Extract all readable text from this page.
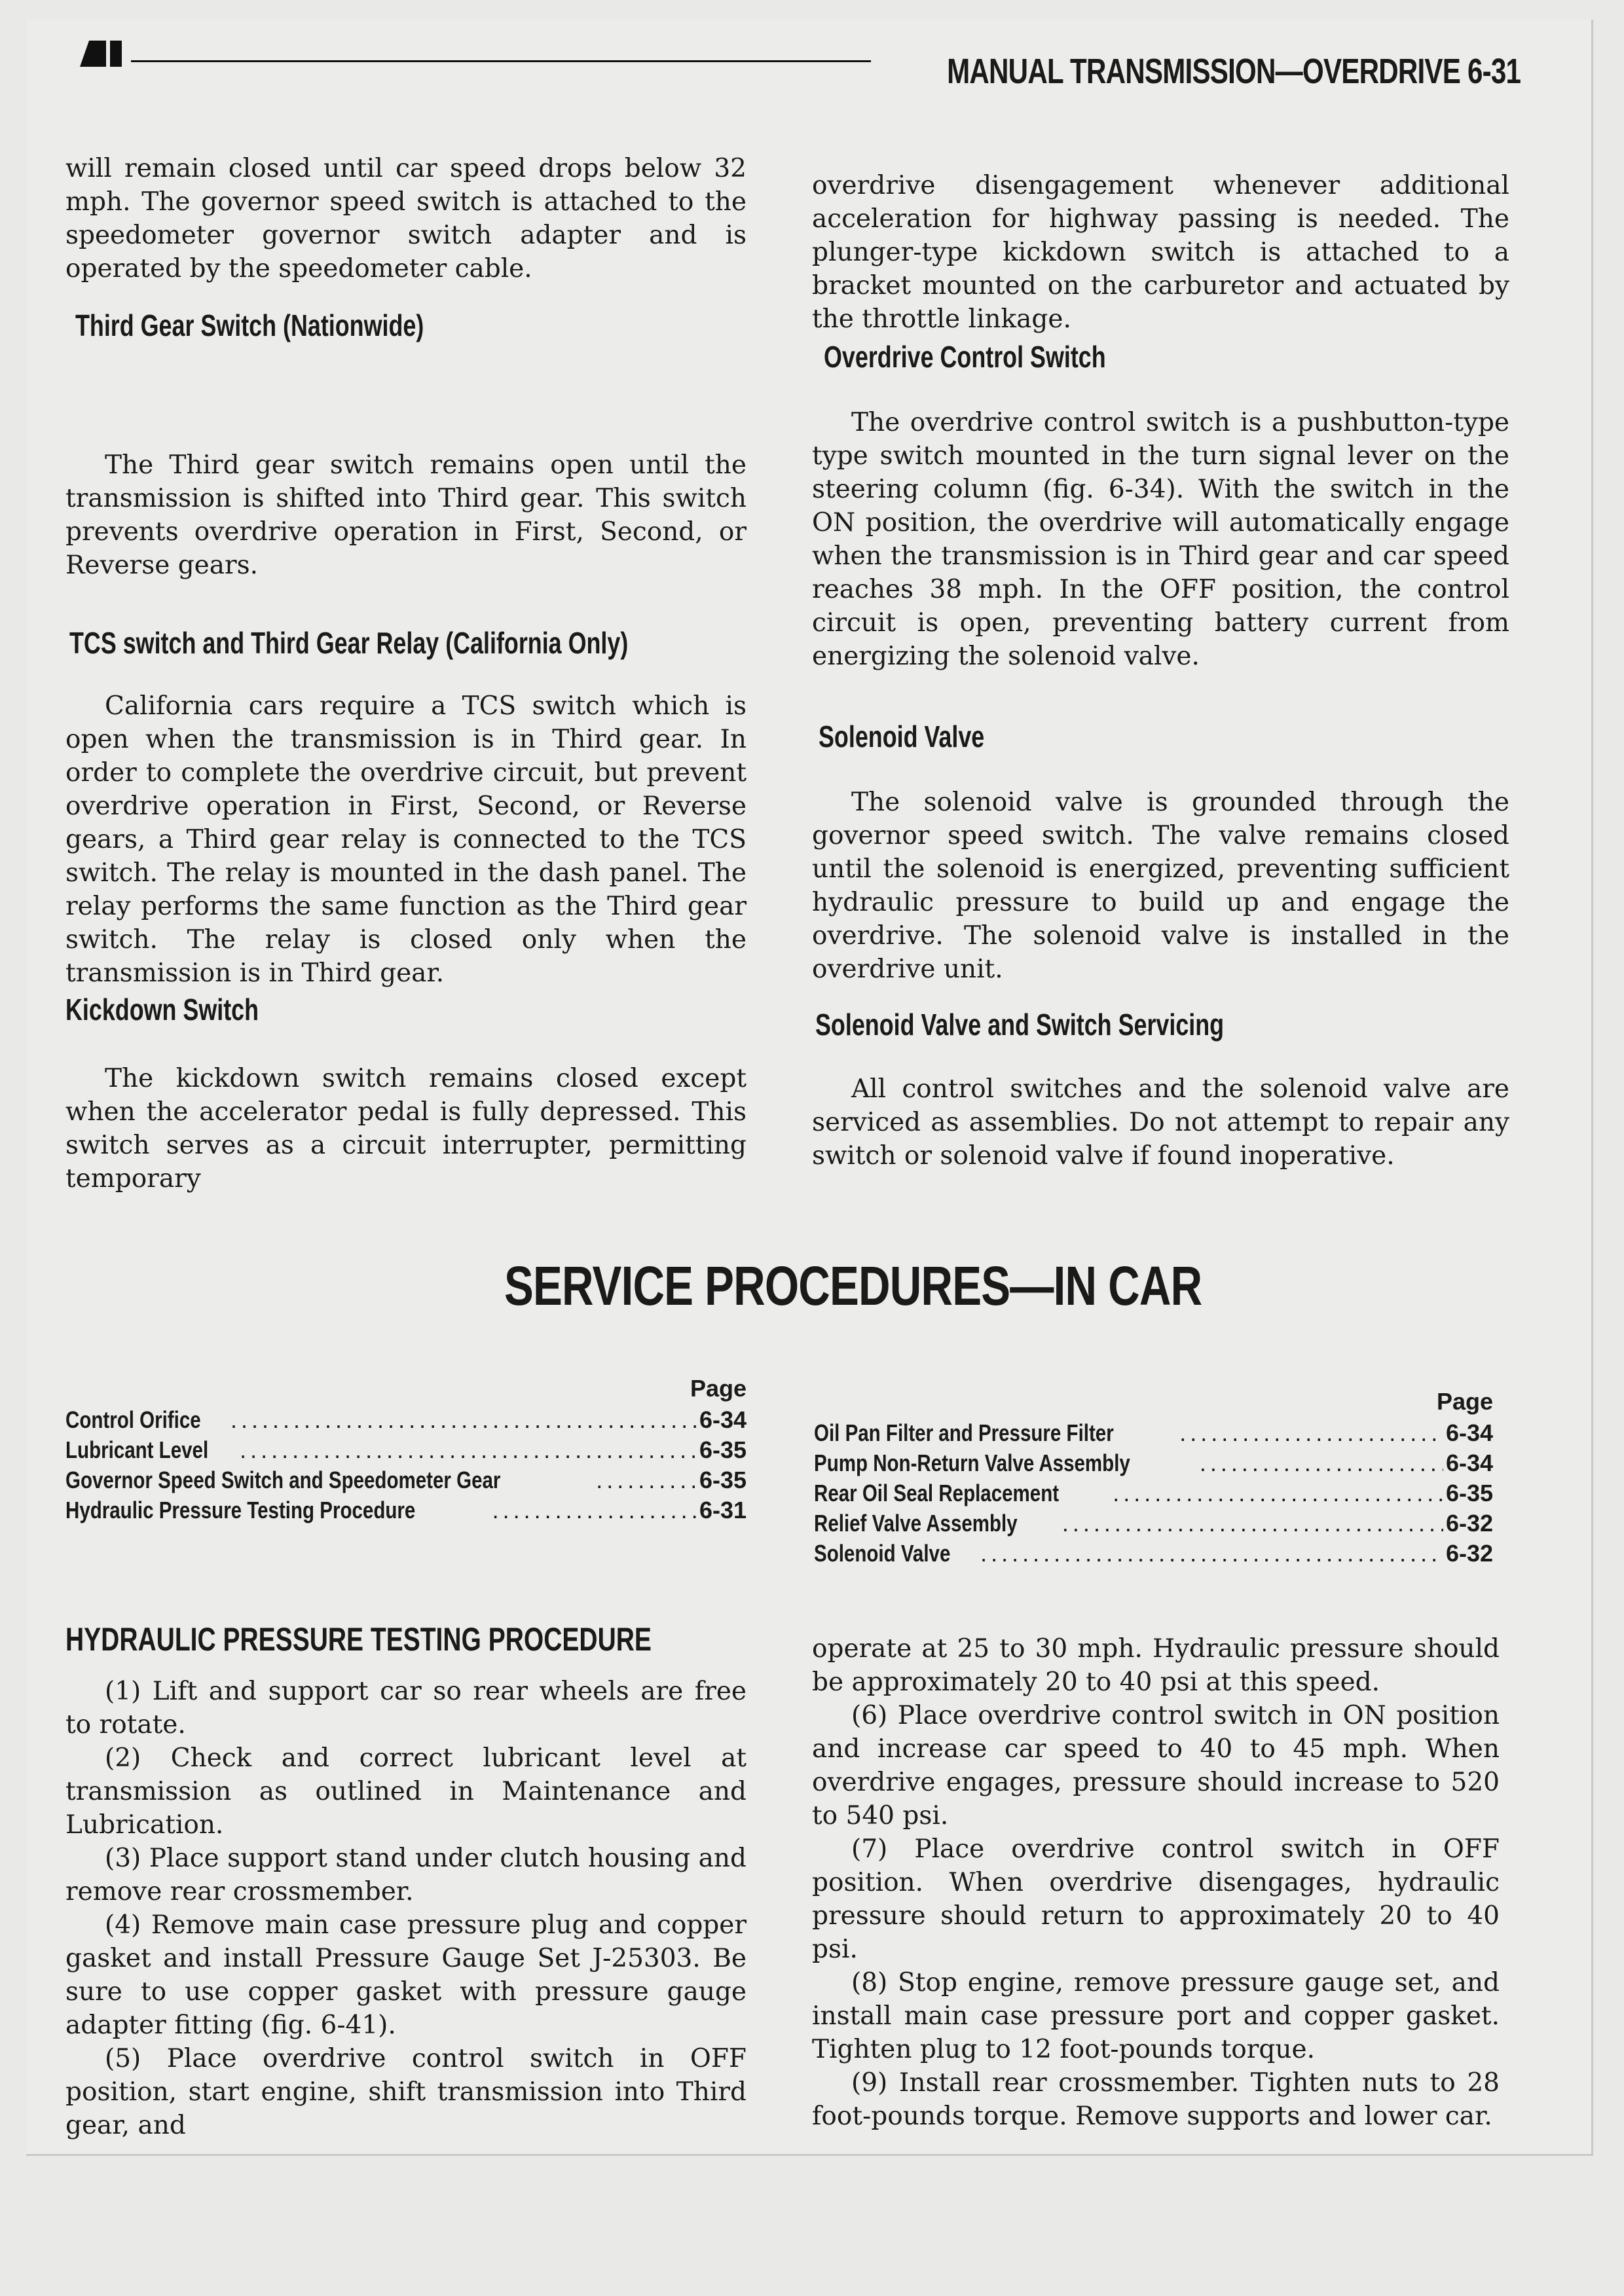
MANUAL TRANSMISSION—OVERDRIVE 6-31

will remain closed until car speed drops below 32 mph. The governor speed switch is attached to the speedometer governor switch adapter and is operated by the speedometer cable.

Third Gear Switch (Nationwide)

The Third gear switch remains open until the transmission is shifted into Third gear. This switch prevents overdrive operation in First, Second, or Reverse gears.

TCS switch and Third Gear Relay (California Only)

California cars require a TCS switch which is open when the transmission is in Third gear. In order to complete the overdrive circuit, but prevent overdrive operation in First, Second, or Reverse gears, a Third gear relay is connected to the TCS switch. The relay is mounted in the dash panel. The relay performs the same function as the Third gear switch. The relay is closed only when the transmission is in Third gear.

Kickdown Switch

The kickdown switch remains closed except when the accelerator pedal is fully depressed. This switch serves as a circuit interrupter, permitting temporary

overdrive disengagement whenever additional acceleration for highway passing is needed. The plunger-type kickdown switch is attached to a bracket mounted on the carburetor and actuated by the throttle linkage.

Overdrive Control Switch

The overdrive control switch is a pushbutton-type type switch mounted in the turn signal lever on the steering column (fig. 6-34). With the switch in the ON position, the overdrive will automatically engage when the transmission is in Third gear and car speed reaches 38 mph. In the OFF position, the control circuit is open, preventing battery current from energizing the solenoid valve.

Solenoid Valve

The solenoid valve is grounded through the governor speed switch. The valve remains closed until the solenoid is energized, preventing sufficient hydraulic pressure to build up and engage the overdrive. The solenoid valve is installed in the overdrive unit.

Solenoid Valve and Switch Servicing

All control switches and the solenoid valve are serviced as assemblies. Do not attempt to repair any switch or solenoid valve if found inoperative.

SERVICE PROCEDURES—IN CAR
Page
Control Orifice .....	6-34
Lubricant Level .....	6-35
Governor Speed Switch and Speedometer Gear .....	6-35
Hydraulic Pressure Testing Procedure .....	6-31
Page
Oil Pan Filter and Pressure Filter .....	6-34
Pump Non-Return Valve Assembly .....	6-34
Rear Oil Seal Replacement .....	6-35
Relief Valve Assembly .....	6-32
Solenoid Valve .....	6-32
HYDRAULIC PRESSURE TESTING PROCEDURE

(1) Lift and support car so rear wheels are free to rotate.

(2) Check and correct lubricant level at transmission as outlined in Maintenance and Lubrication.

(3) Place support stand under clutch housing and remove rear crossmember.

(4) Remove main case pressure plug and copper gasket and install Pressure Gauge Set J-25303. Be sure to use copper gasket with pressure gauge adapter fitting (fig. 6-41).

(5) Place overdrive control switch in OFF position, start engine, shift transmission into Third gear, and

operate at 25 to 30 mph. Hydraulic pressure should be approximately 20 to 40 psi at this speed.

(6) Place overdrive control switch in ON position and increase car speed to 40 to 45 mph. When overdrive engages, pressure should increase to 520 to 540 psi.

(7) Place overdrive control switch in OFF position. When overdrive disengages, hydraulic pressure should return to approximately 20 to 40 psi.

(8) Stop engine, remove pressure gauge set, and install main case pressure port and copper gasket. Tighten plug to 12 foot-pounds torque.

(9) Install rear crossmember. Tighten nuts to 28 foot-pounds torque. Remove supports and lower car.
